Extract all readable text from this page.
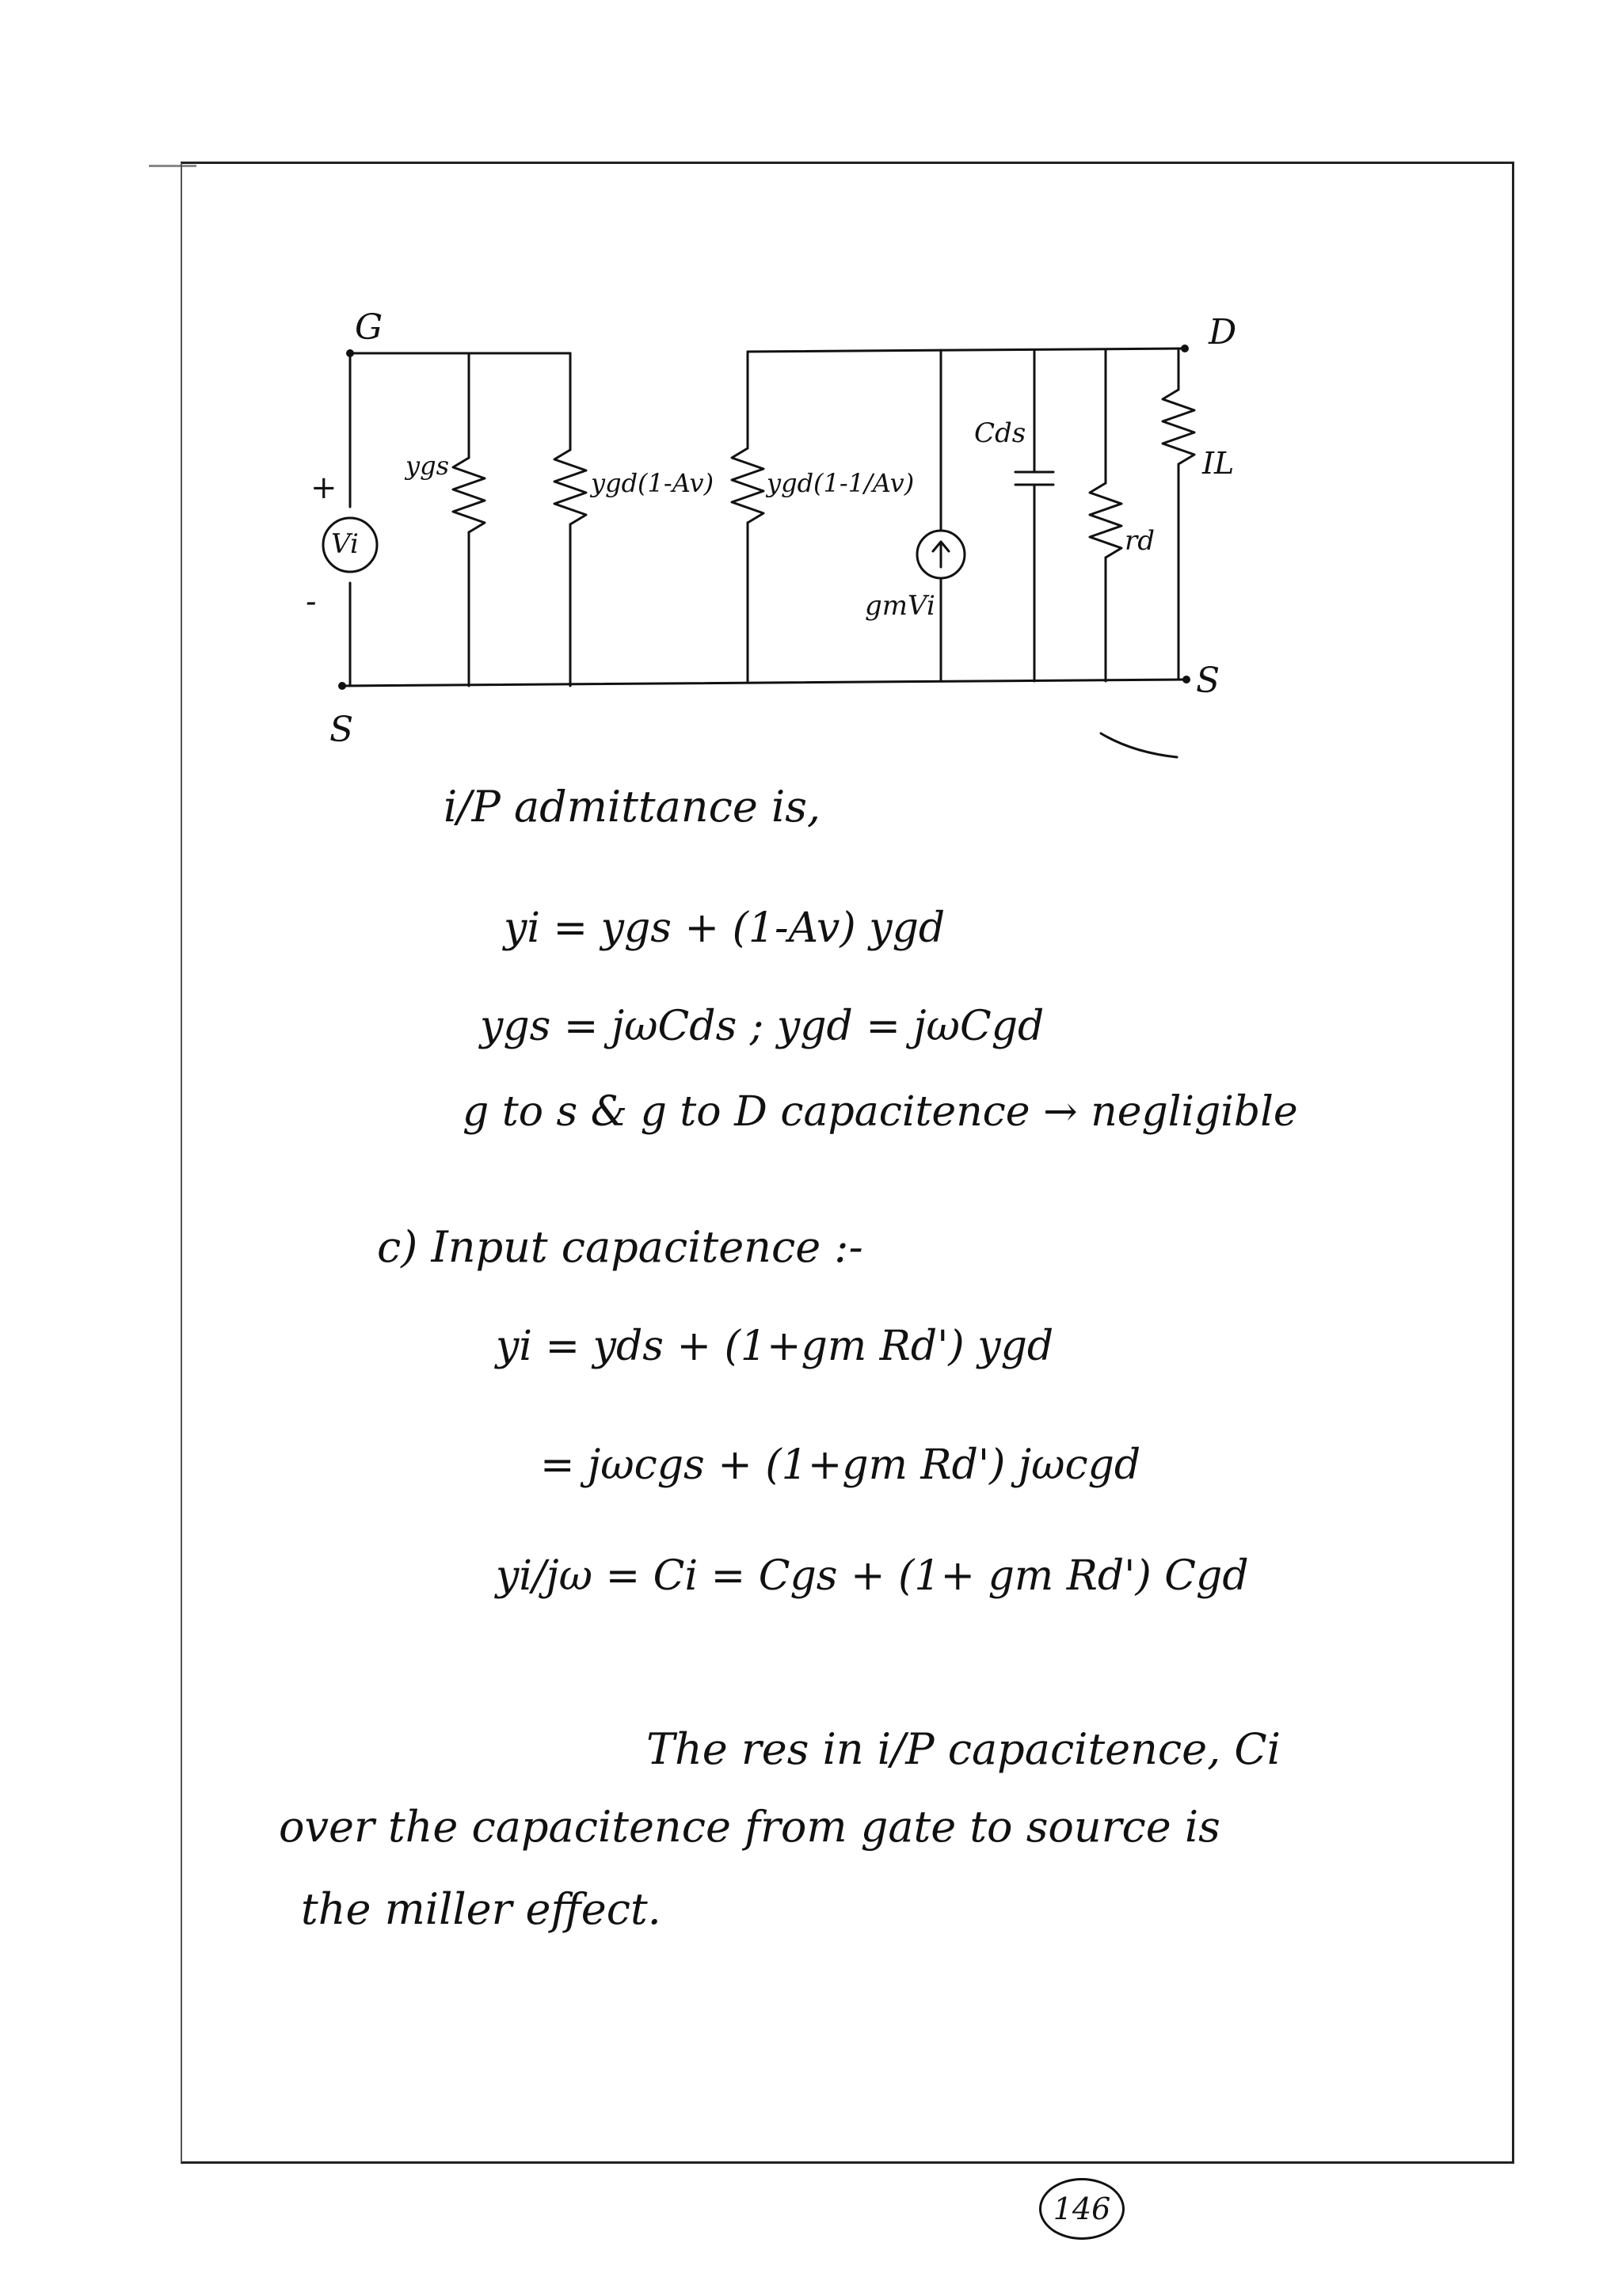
G
S
D
S
Vi
+
-
ygs
ygd(1-Av) ygd(1-1/Av)
gmVi
Cds
rd
IL
i/P admittance is,
yi = ygs + (1-Av) ygd
ygs = jωCds ; ygd = jωCgd
g to s & g to D capacitence → negligible
c) Input capacitence :-
yi = yds + (1+gm Rd') ygd
= jωcgs + (1+gm Rd') jωcgd
yi/jω = Ci = Cgs + (1+ gm Rd') Cgd
The res in i/P capacitence, Ci
over the capacitence from gate to source is
the miller effect.
146
